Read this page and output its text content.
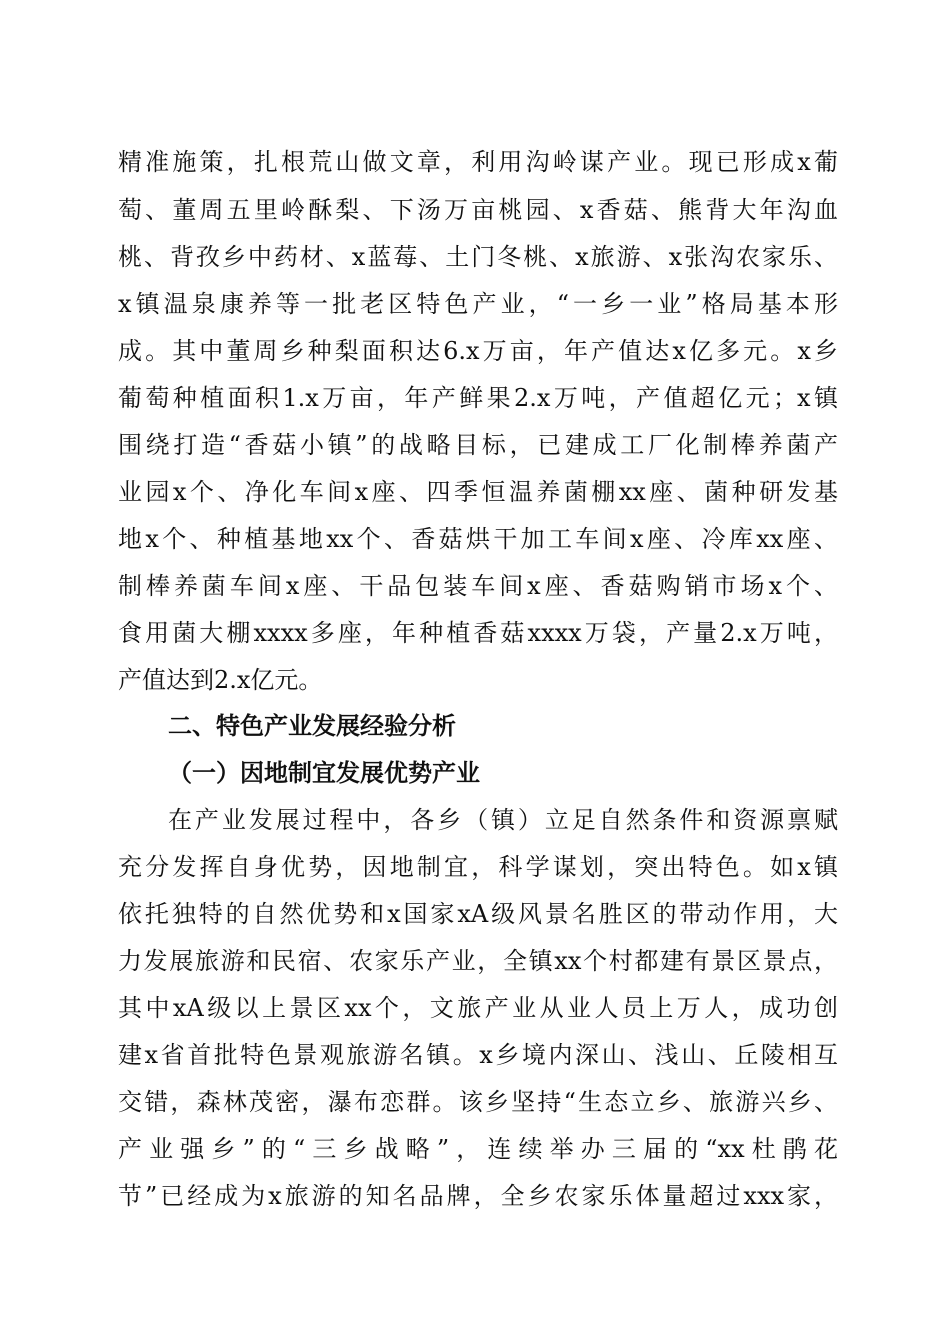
精准施策，扎根荒山做文章，利用沟岭谋产业。现已形成x葡
萄、董周五里岭酥梨、下汤万亩桃园、x香菇、熊背大年沟血
桃、背孜乡中药材、x蓝莓、土门冬桃、x旅游、x张沟农家乐、
x镇温泉康养等一批老区特色产业，“一乡一业”格局基本形
成。其中董周乡种梨面积达6.x万亩，年产值达x亿多元。x乡
葡萄种植面积1.x万亩，年产鲜果2.x万吨，产值超亿元；x镇
围绕打造“香菇小镇”的战略目标，已建成工厂化制棒养菌产
业园x个、净化车间x座、四季恒温养菌棚xx座、菌种研发基
地x个、种植基地xx个、香菇烘干加工车间x座、冷库xx座、
制棒养菌车间x座、干品包装车间x座、香菇购销市场x个、
食用菌大棚xxxx多座，年种植香菇xxxx万袋，产量2.x万吨，
产值达到2.x亿元。
二、特色产业发展经验分析
（一）因地制宜发展优势产业
在产业发展过程中，各乡（镇）立足自然条件和资源禀赋
充分发挥自身优势，因地制宜，科学谋划，突出特色。如x镇
依托独特的自然优势和x国家xA级风景名胜区的带动作用，大
力发展旅游和民宿、农家乐产业，全镇xx个村都建有景区景点，
其中xA级以上景区xx个，文旅产业从业人员上万人，成功创
建x省首批特色景观旅游名镇。x乡境内深山、浅山、丘陵相互
交错，森林茂密，瀑布恋群。该乡坚持“生态立乡、旅游兴乡、
产业强乡”的“三乡战略”，连续举办三届的“xx杜鹃花
节”已经成为x旅游的知名品牌，全乡农家乐体量超过xxx家，
